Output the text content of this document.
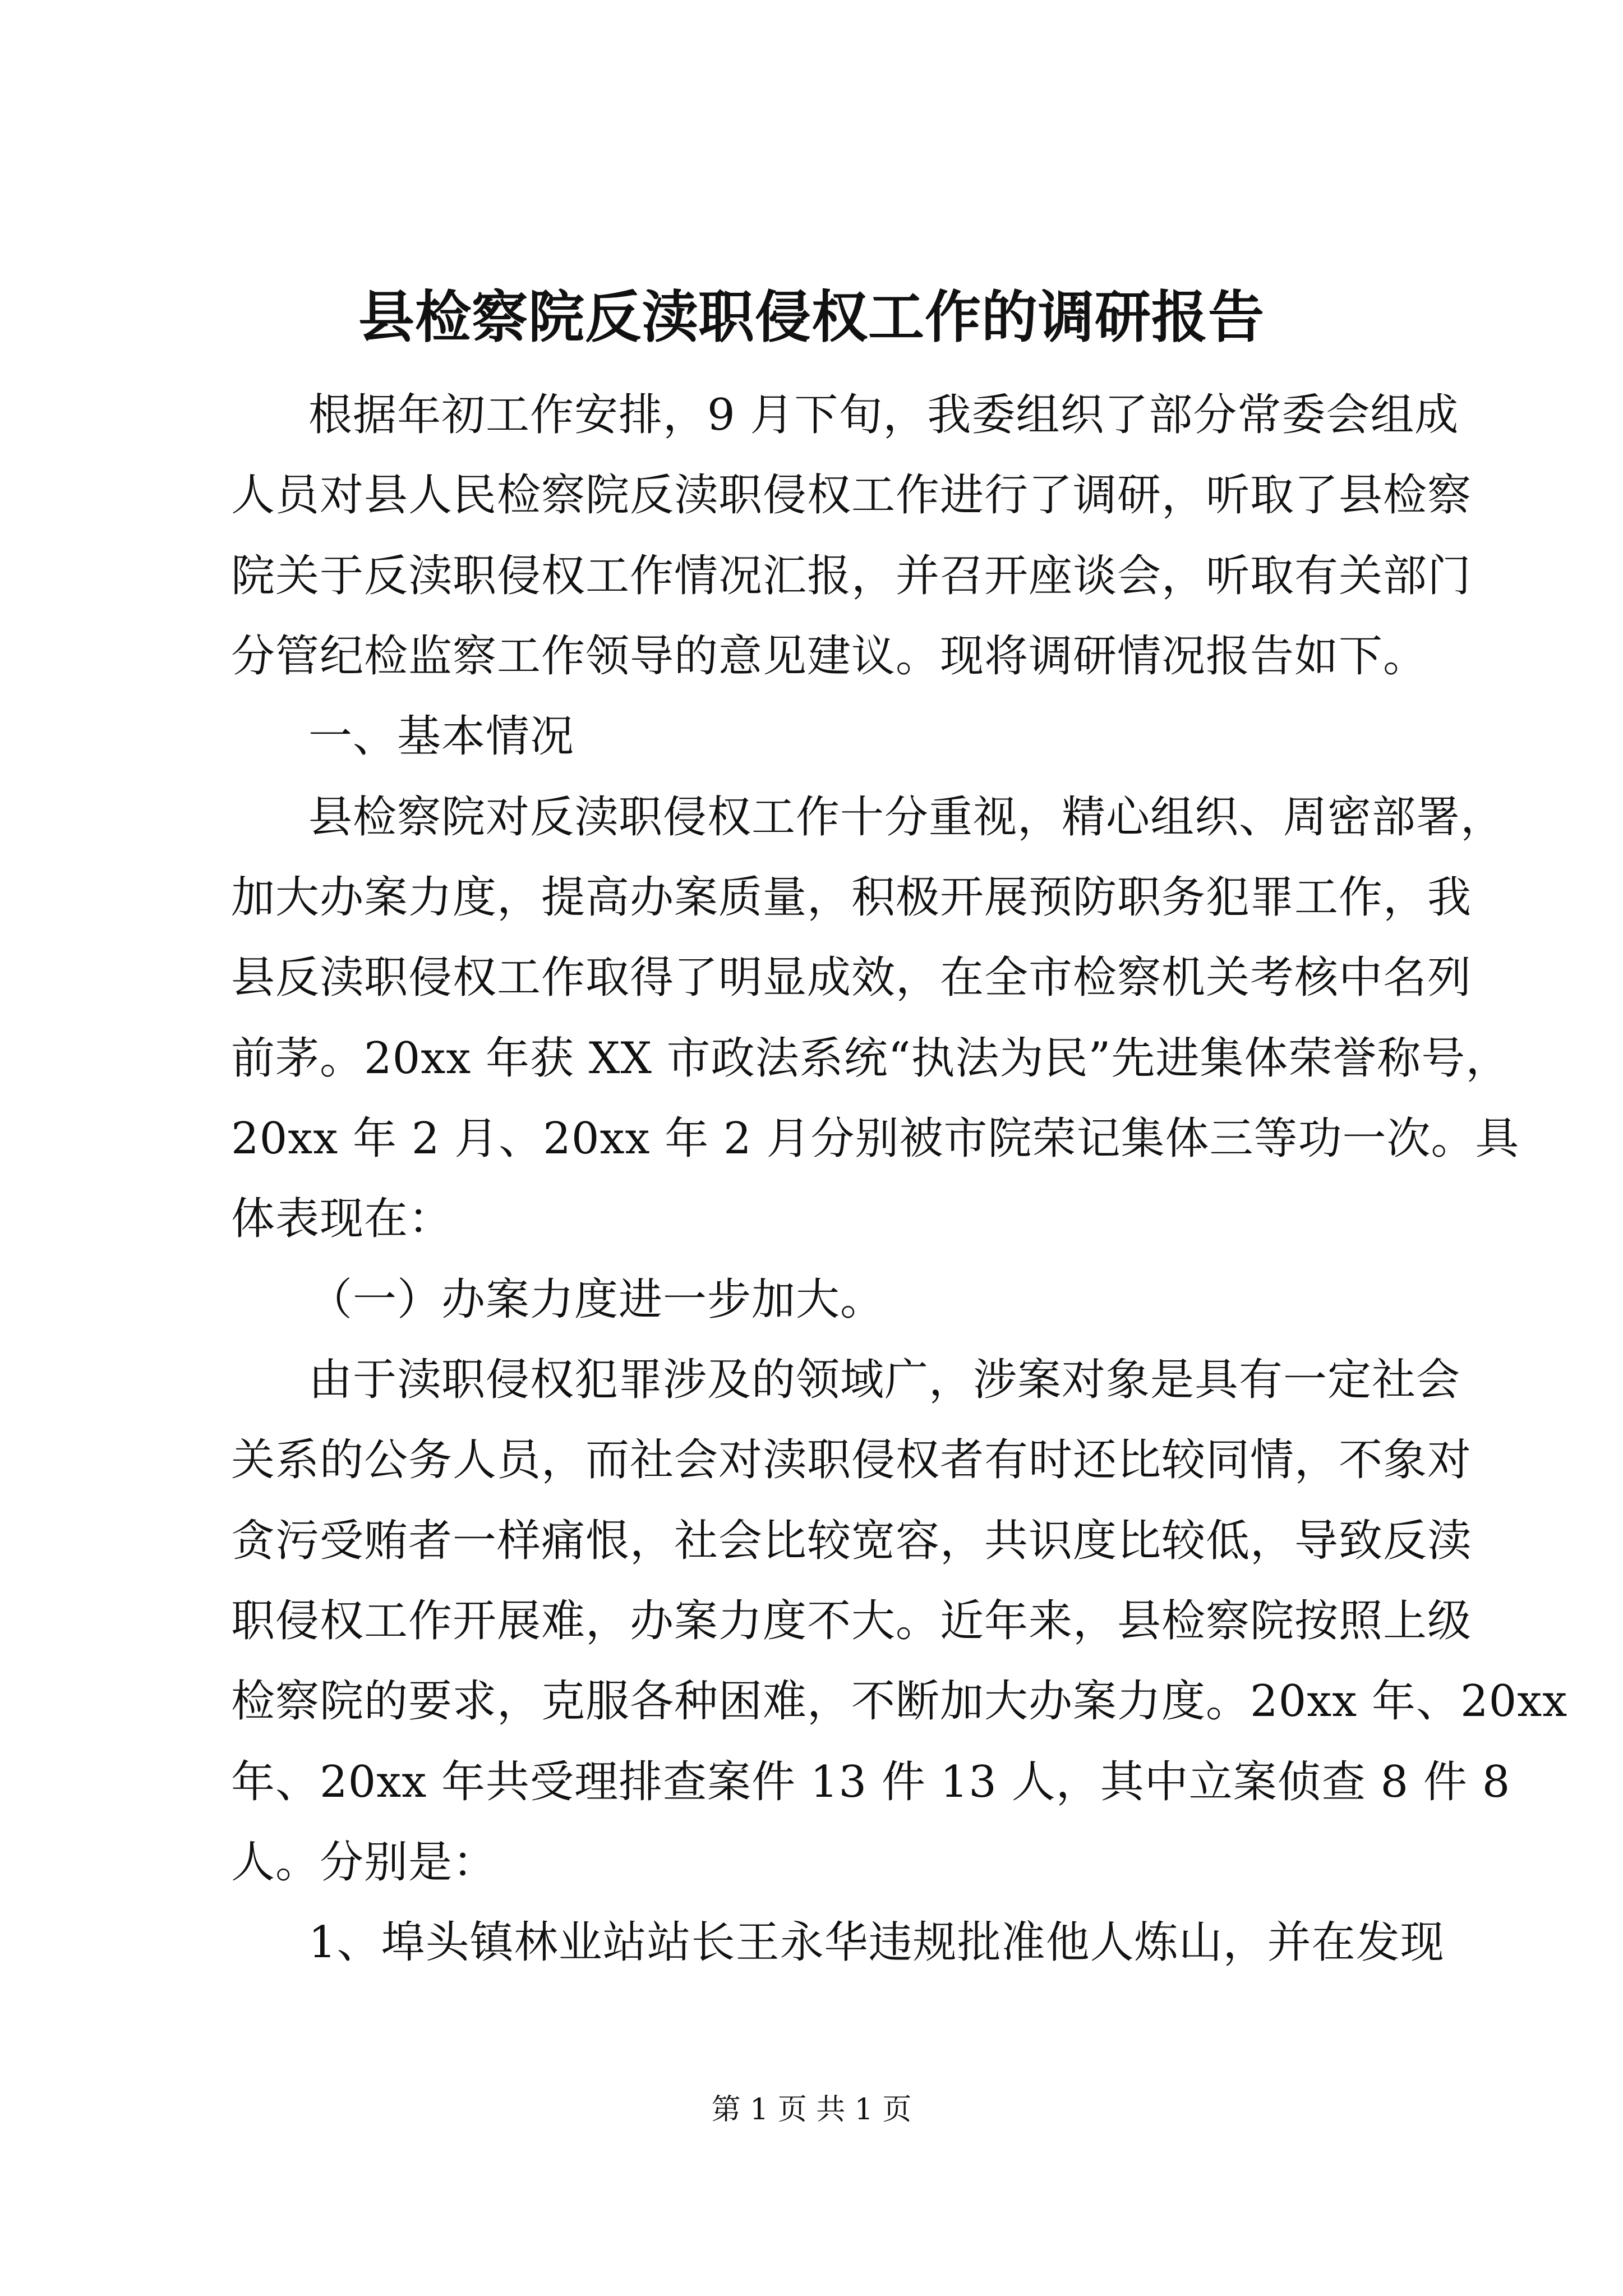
县检察院反渎职侵权工作的调研报告
根据年初工作安排，9 月下旬，我委组织了部分常委会组成
人员对县人民检察院反渎职侵权工作进行了调研，听取了县检察
院关于反渎职侵权工作情况汇报，并召开座谈会，听取有关部门
分管纪检监察工作领导的意见建议。现将调研情况报告如下。
一、基本情况
县检察院对反渎职侵权工作十分重视，精心组织、周密部署，
加大办案力度，提高办案质量，积极开展预防职务犯罪工作，我
县反渎职侵权工作取得了明显成效，在全市检察机关考核中名列
前茅。20xx 年获 XX 市政法系统“执法为民”先进集体荣誉称号，
20xx 年 2 月、20xx 年 2 月分别被市院荣记集体三等功一次。具
体表现在：
（一）办案力度进一步加大。
由于渎职侵权犯罪涉及的领域广，涉案对象是具有一定社会
关系的公务人员，而社会对渎职侵权者有时还比较同情，不象对
贪污受贿者一样痛恨，社会比较宽容，共识度比较低，导致反渎
职侵权工作开展难，办案力度不大。近年来，县检察院按照上级
检察院的要求，克服各种困难，不断加大办案力度。20xx 年、20xx
年、20xx 年共受理排查案件 13 件 13 人，其中立案侦查 8 件 8
人。分别是：
1、埠头镇林业站站长王永华违规批准他人炼山，并在发现
第 1 页 共 1 页
